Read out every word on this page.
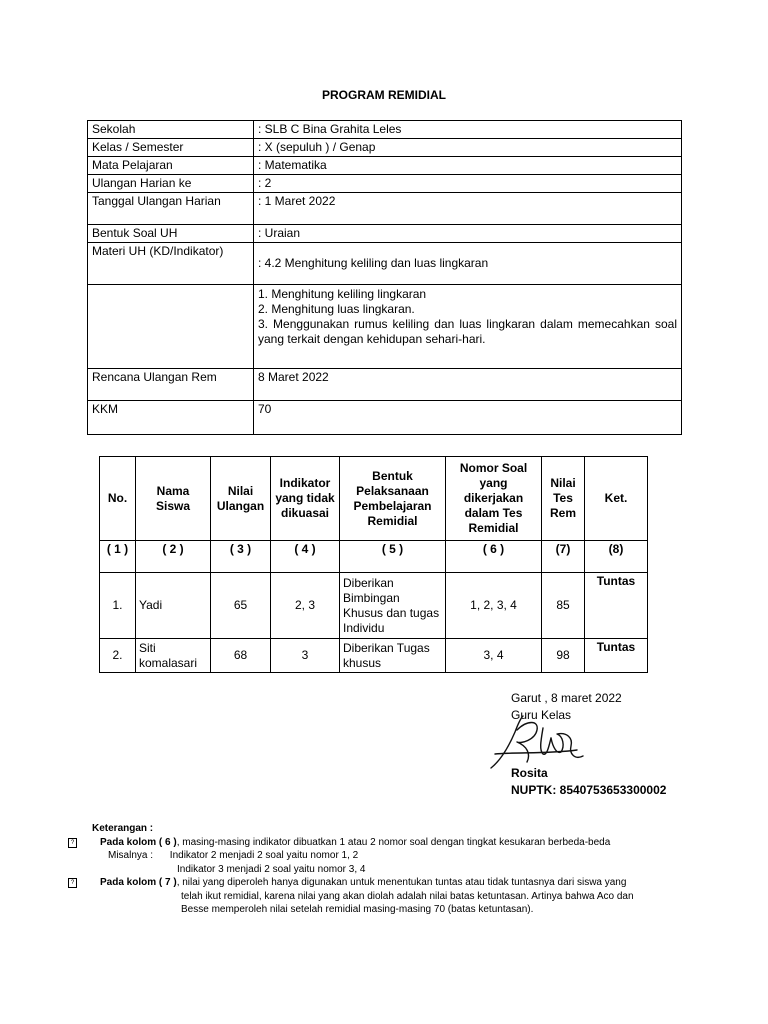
PROGRAM REMIDIAL
Sekolah	: SLB C Bina Grahita Leles
Kelas / Semester	: X (sepuluh ) / Genap
Mata Pelajaran	: Matematika
Ulangan Harian ke	: 2
Tanggal Ulangan Harian	: 1 Maret 2022
Bentuk Soal UH	: Uraian
Materi UH (KD/Indikator)	: 4.2 Menghitung keliling dan luas lingkaran

	1. Menghitung keliling lingkaran
2. Menghitung luas lingkaran.
3. Menggunakan rumus keliling dan luas lingkaran dalam memecahkan soal yang terkait dengan kehidupan sehari-hari.

Rencana Ulangan Rem	8 Maret 2022
KKM	70
No.	Nama Siswa	Nilai Ulangan	Indikator yang tidak dikuasai	Bentuk Pelaksanaan Pembelajaran Remidial	Nomor Soal yang dikerjakan dalam Tes Remidial	Nilai Tes Rem	Ket.
( 1 )	( 2 )	( 3 )	( 4 )	( 5 )	( 6 )	(7)	(8)
1.	Yadi	65	2, 3	Diberikan Bimbingan Khusus dan tugas Individu	1, 2, 3, 4	85	Tuntas
2.	Siti komalasari	68	3	Diberikan Tugas khusus	3, 4	98	Tuntas
Garut , 8 maret 2022
Guru Kelas
Rosita
NUPTK: 8540753653300002
Keterangan :
?	Pada kolom ( 6 ), masing-masing indikator dibuatkan 1 atau 2 nomor soal dengan tingkat kesukaran berbeda-beda
Misalnya : Indikator 2 menjadi 2 soal yaitu nomor 1, 2
Indikator 3 menjadi 2 soal yaitu nomor 3, 4
?	Pada kolom ( 7 ), nilai yang diperoleh hanya digunakan untuk menentukan tuntas atau tidak tuntasnya dari siswa yang
telah ikut remidial, karena nilai yang akan diolah adalah nilai batas ketuntasan. Artinya bahwa Aco dan
Besse memperoleh nilai setelah remidial masing-masing 70 (batas ketuntasan).
